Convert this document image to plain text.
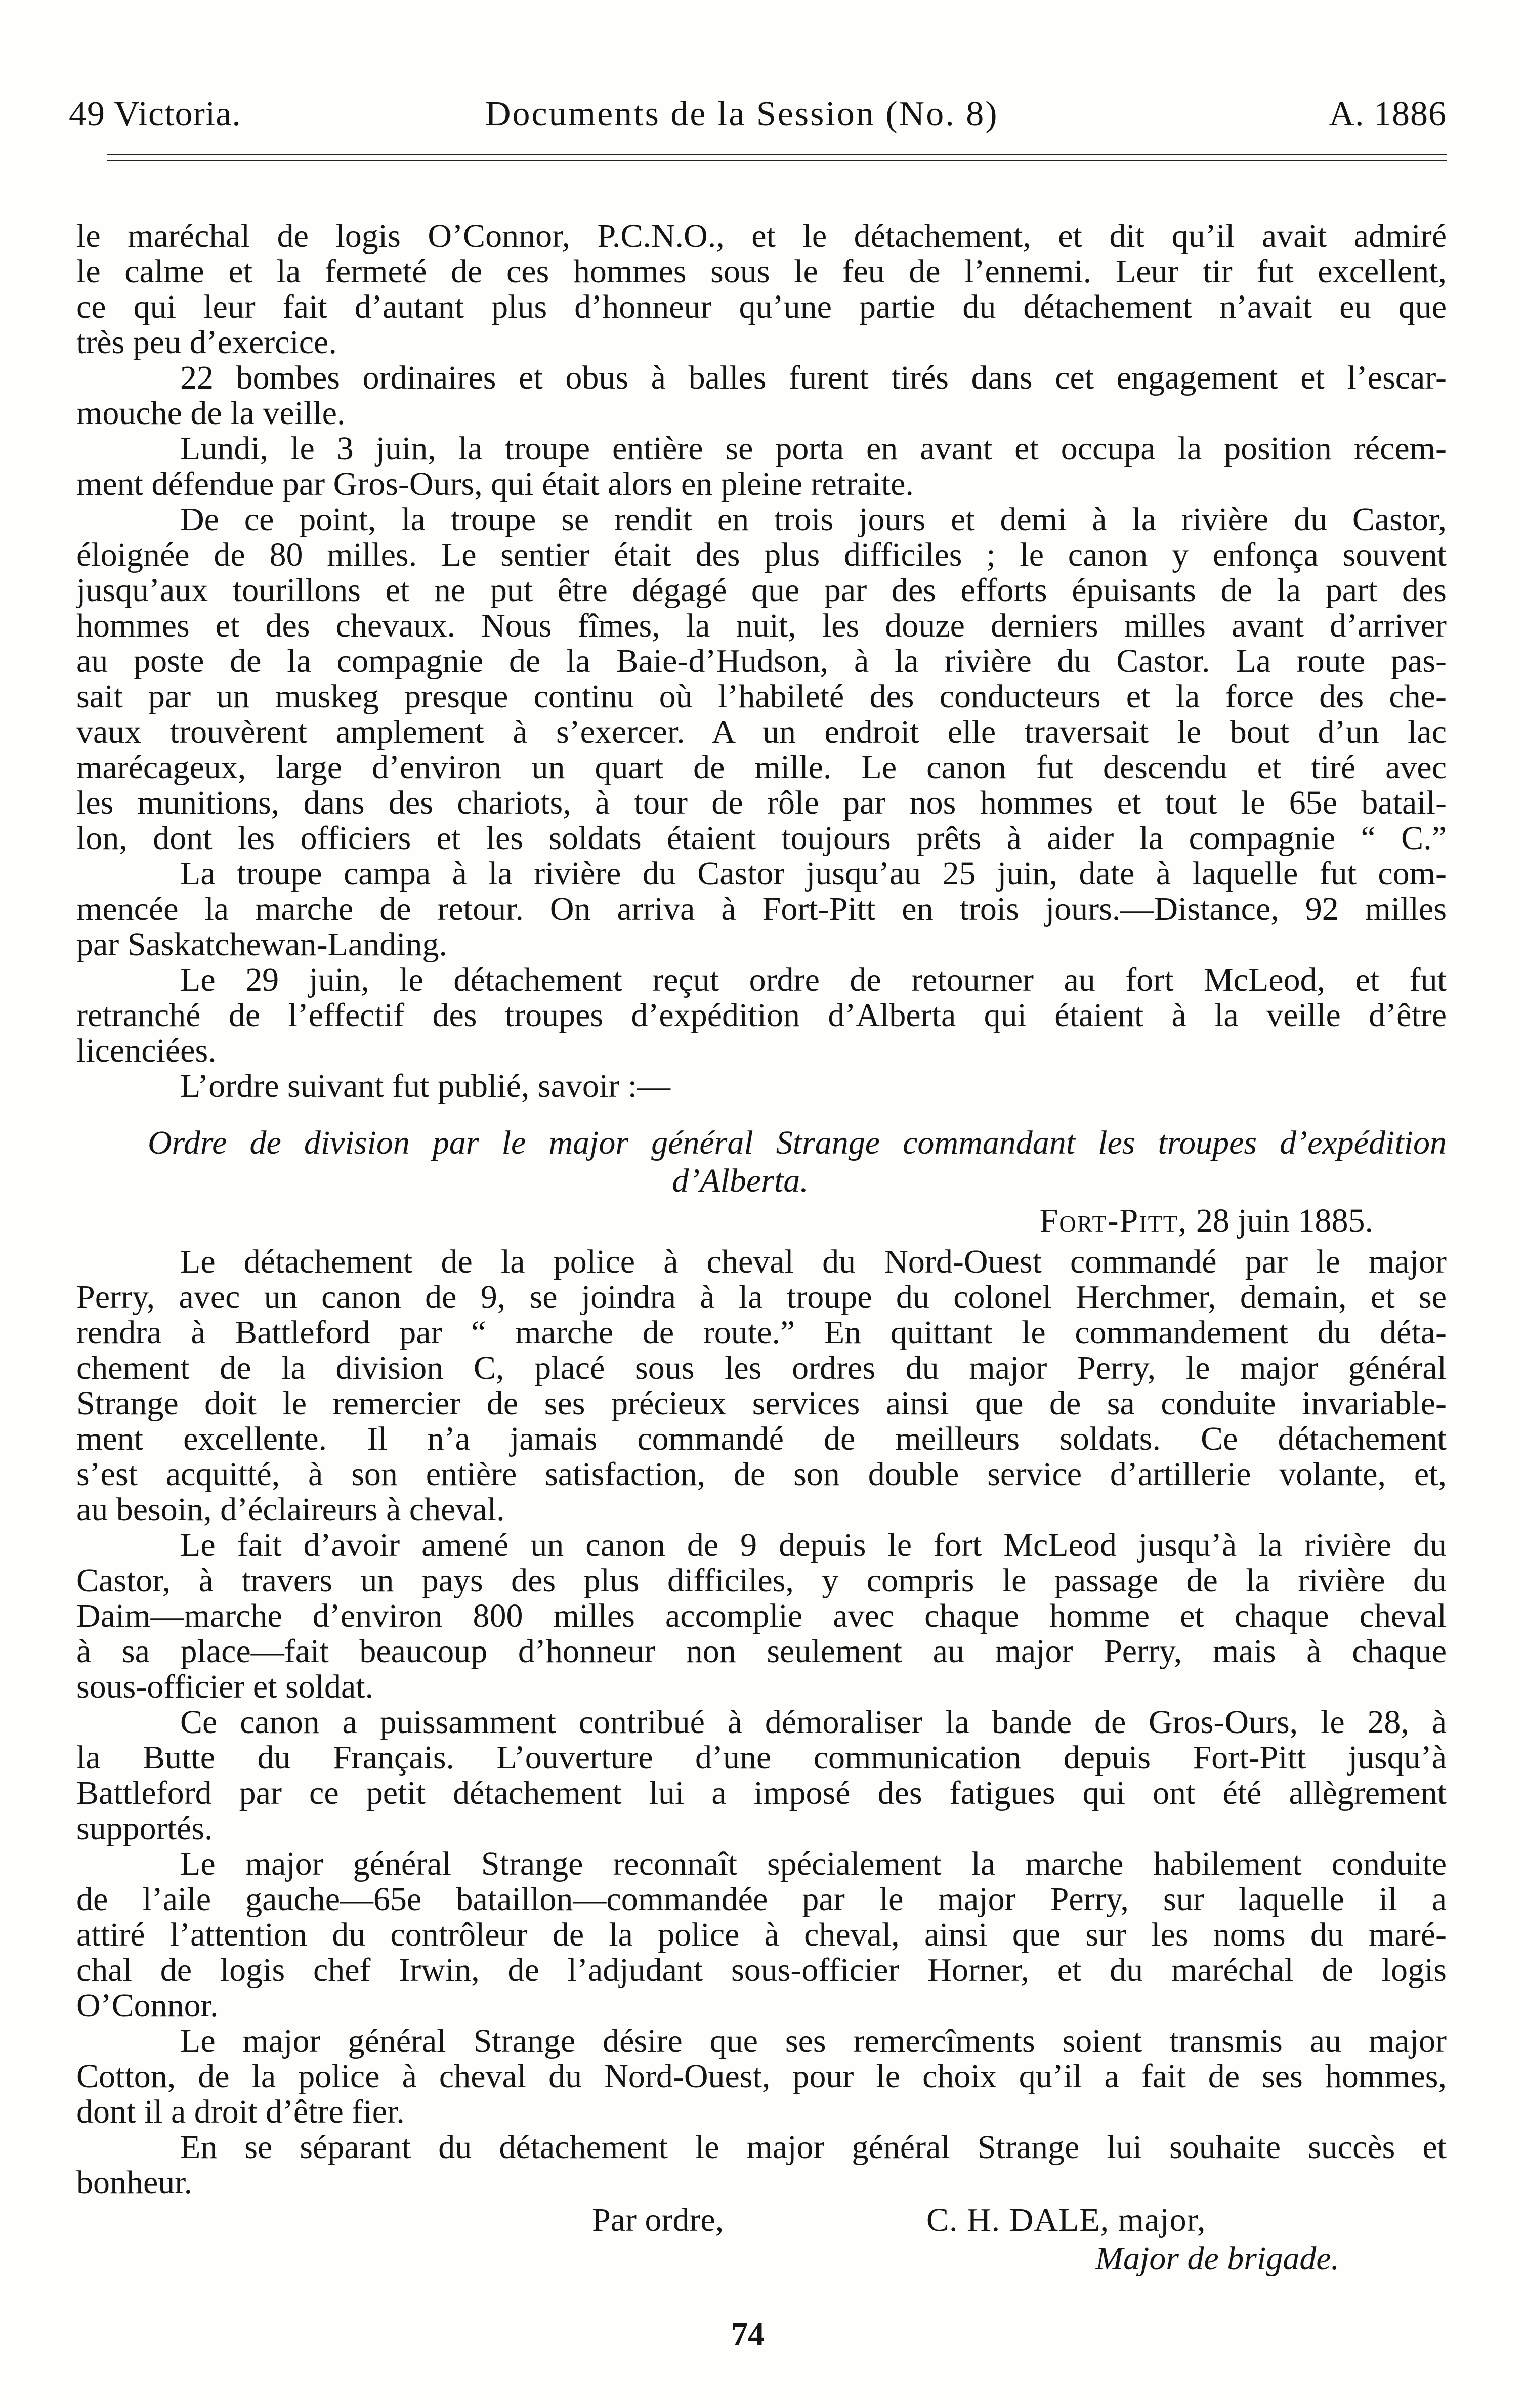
49 Victoria.	Documents de la Session (No. 8)	A. 1886
le maréchal de logis O’Connor, P.C.N.O., et le détachement, et dit qu’il avait admiré
le calme et la fermeté de ces hommes sous le feu de l’ennemi. Leur tir fut excellent,
ce qui leur fait d’autant plus d’honneur qu’une partie du détachement n’avait eu que
très peu d’exercice.
22 bombes ordinaires et obus à balles furent tirés dans cet engagement et l’escar-
mouche de la veille.
Lundi, le 3 juin, la troupe entière se porta en avant et occupa la position récem-
ment défendue par Gros-Ours, qui était alors en pleine retraite.
De ce point, la troupe se rendit en trois jours et demi à la rivière du Castor,
éloignée de 80 milles. Le sentier était des plus difficiles ; le canon y enfonça souvent
jusqu’aux tourillons et ne put être dégagé que par des efforts épuisants de la part des
hommes et des chevaux. Nous fîmes, la nuit, les douze derniers milles avant d’arriver
au poste de la compagnie de la Baie-d’Hudson, à la rivière du Castor. La route pas-
sait par un muskeg presque continu où l’habileté des conducteurs et la force des che-
vaux trouvèrent amplement à s’exercer. A un endroit elle traversait le bout d’un lac
marécageux, large d’environ un quart de mille. Le canon fut descendu et tiré avec
les munitions, dans des chariots, à tour de rôle par nos hommes et tout le 65e batail-
lon, dont les officiers et les soldats étaient toujours prêts à aider la compagnie “ C.”
La troupe campa à la rivière du Castor jusqu’au 25 juin, date à laquelle fut com-
mencée la marche de retour. On arriva à Fort-Pitt en trois jours.—Distance, 92 milles
par Saskatchewan-Landing.
Le 29 juin, le détachement reçut ordre de retourner au fort McLeod, et fut
retranché de l’effectif des troupes d’expédition d’Alberta qui étaient à la veille d’être
licenciées.
L’ordre suivant fut publié, savoir :—
Ordre de division par le major général Strange commandant les troupes d’expédition
d’Alberta.
Fort-Pitt, 28 juin 1885.
Le détachement de la police à cheval du Nord-Ouest commandé par le major
Perry, avec un canon de 9, se joindra à la troupe du colonel Herchmer, demain, et se
rendra à Battleford par “ marche de route.” En quittant le commandement du déta-
chement de la division C, placé sous les ordres du major Perry, le major général
Strange doit le remercier de ses précieux services ainsi que de sa conduite invariable-
ment excellente. Il n’a jamais commandé de meilleurs soldats. Ce détachement
s’est acquitté, à son entière satisfaction, de son double service d’artillerie volante, et,
au besoin, d’éclaireurs à cheval.
Le fait d’avoir amené un canon de 9 depuis le fort McLeod jusqu’à la rivière du
Castor, à travers un pays des plus difficiles, y compris le passage de la rivière du
Daim—marche d’environ 800 milles accomplie avec chaque homme et chaque cheval
à sa place—fait beaucoup d’honneur non seulement au major Perry, mais à chaque
sous-officier et soldat.
Ce canon a puissamment contribué à démoraliser la bande de Gros-Ours, le 28, à
la Butte du Français. L’ouverture d’une communication depuis Fort-Pitt jusqu’à
Battleford par ce petit détachement lui a imposé des fatigues qui ont été allègrement
supportés.
Le major général Strange reconnaît spécialement la marche habilement conduite
de l’aile gauche—65e bataillon—commandée par le major Perry, sur laquelle il a
attiré l’attention du contrôleur de la police à cheval, ainsi que sur les noms du maré-
chal de logis chef Irwin, de l’adjudant sous-officier Horner, et du maréchal de logis
O’Connor.
Le major général Strange désire que ses remercîments soient transmis au major
Cotton, de la police à cheval du Nord-Ouest, pour le choix qu’il a fait de ses hommes,
dont il a droit d’être fier.
En se séparant du détachement le major général Strange lui souhaite succès et
bonheur.
Par ordre,	C. H. DALE, major,
Major de brigade.
74
